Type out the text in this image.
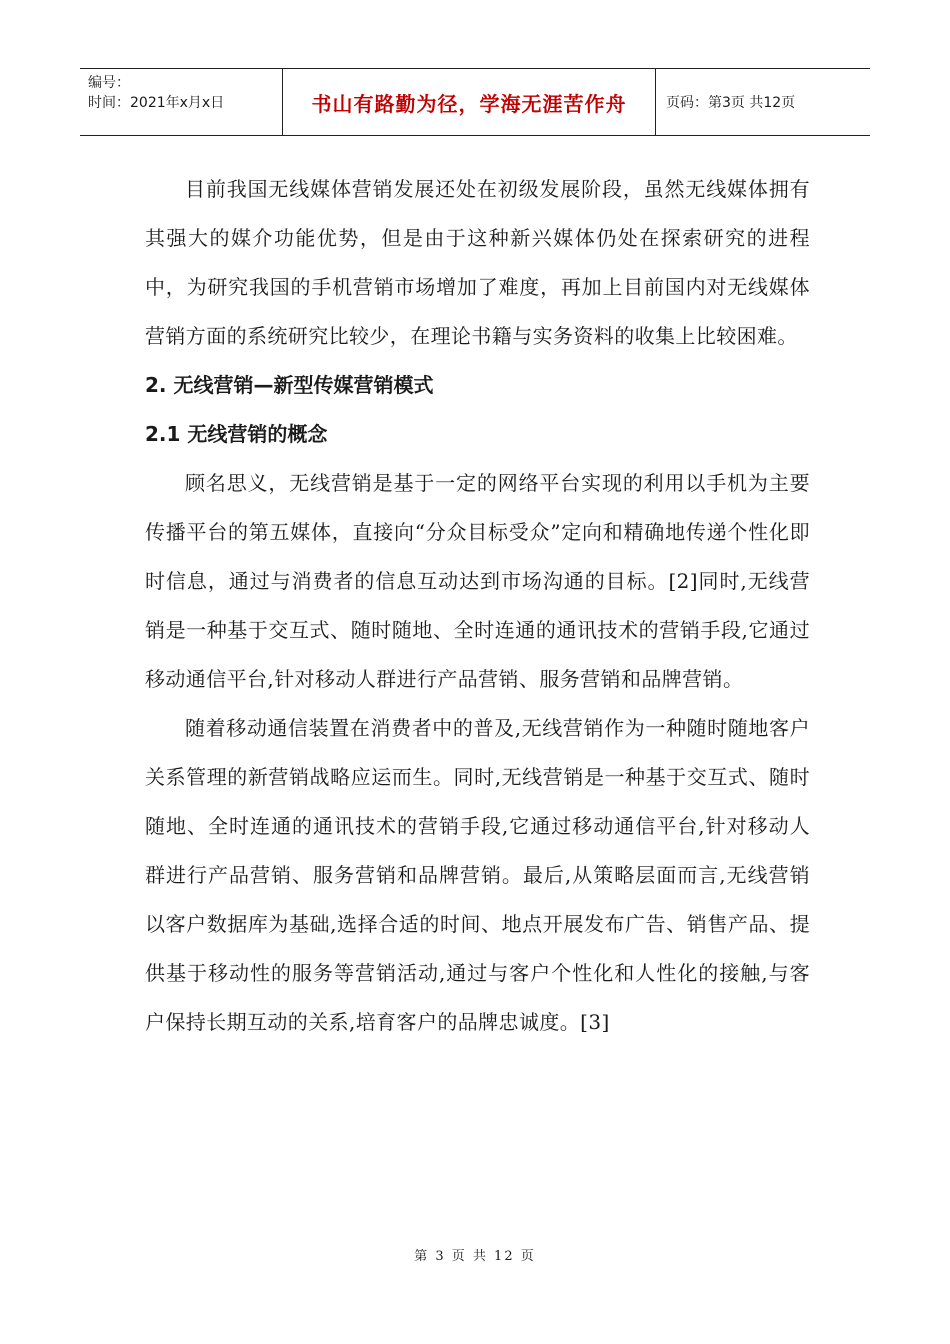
编号：
时间：2021年x月x日	书山有路勤为径，学海无涯苦作舟	页码：第3页 共12页

目前我国无线媒体营销发展还处在初级发展阶段，虽然无线媒体拥有其强大的媒介功能优势，但是由于这种新兴媒体仍处在探索研究的进程中，为研究我国的手机营销市场增加了难度，再加上目前国内对无线媒体营销方面的系统研究比较少，在理论书籍与实务资料的收集上比较困难。

2. 无线营销—新型传媒营销模式
2.1 无线营销的概念

顾名思义，无线营销是基于一定的网络平台实现的利用以手机为主要传播平台的第五媒体，直接向“分众目标受众”定向和精确地传递个性化即时信息，通过与消费者的信息互动达到市场沟通的目标。[2]同时,无线营销是一种基于交互式、随时随地、全时连通的通讯技术的营销手段,它通过移动通信平台,针对移动人群进行产品营销、服务营销和品牌营销。

随着移动通信装置在消费者中的普及,无线营销作为一种随时随地客户关系管理的新营销战略应运而生。同时,无线营销是一种基于交互式、随时随地、全时连通的通讯技术的营销手段,它通过移动通信平台,针对移动人群进行产品营销、服务营销和品牌营销。最后,从策略层面而言,无线营销以客户数据库为基础,选择合适的时间、地点开展发布广告、销售产品、提供基于移动性的服务等营销活动,通过与客户个性化和人性化的接触,与客户保持长期互动的关系,培育客户的品牌忠诚度。[3]

第 3 页 共 12 页
